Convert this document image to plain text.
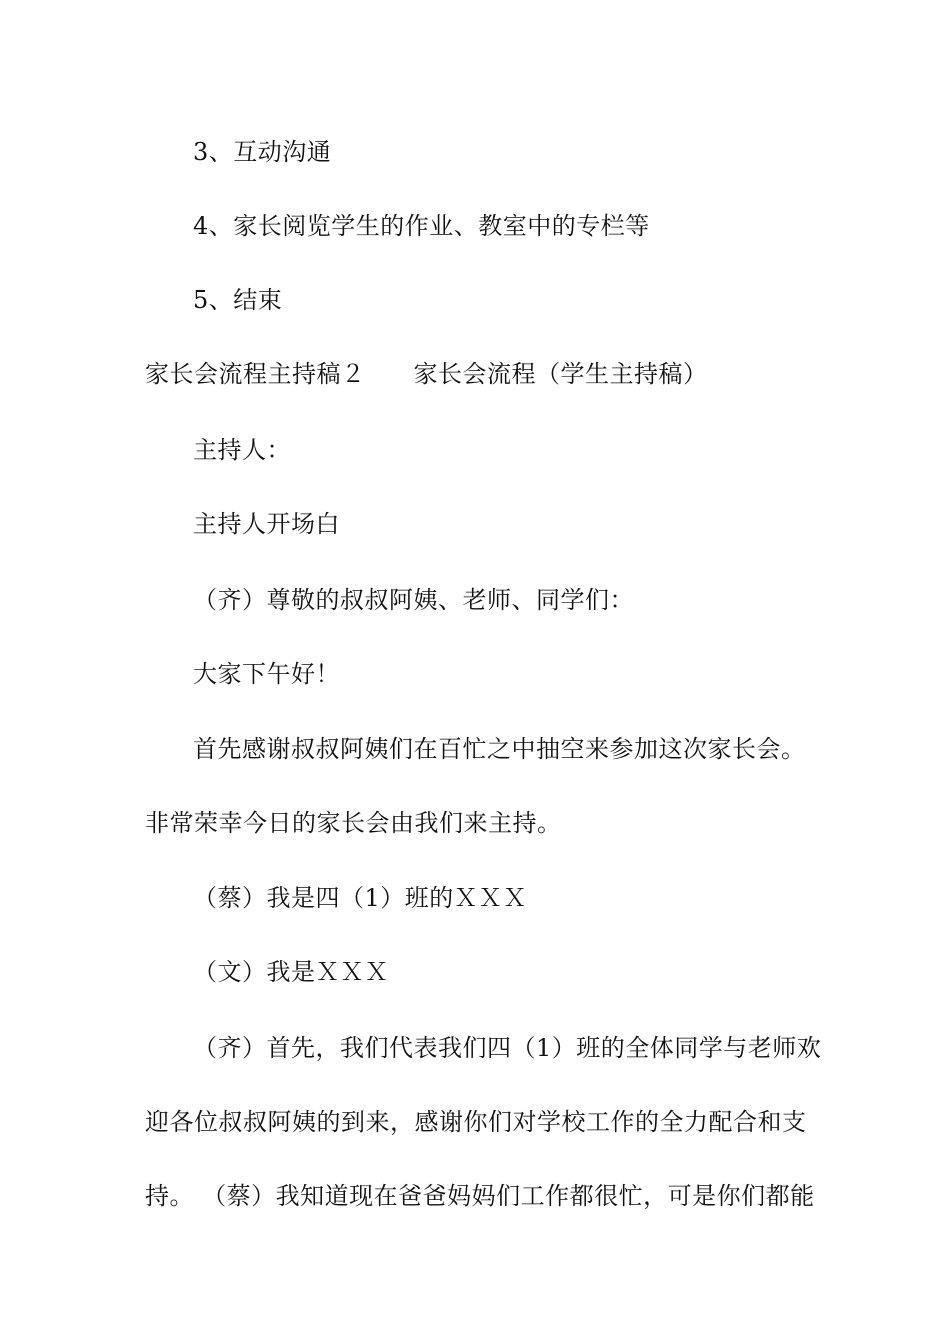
3、互动沟通
4、家长阅览学生的作业、教室中的专栏等
5、结束
家长会流程主持稿２ 家长会流程（学生主持稿）
主持人：
主持人开场白
（齐）尊敬的叔叔阿姨、老师、同学们：
大家下午好！
首先感谢叔叔阿姨们在百忙之中抽空来参加这次家长会。
非常荣幸今日的家长会由我们来主持。
（蔡）我是四（1）班的ＸＸＸ
（文）我是ＸＸＸ
（齐）首先，我们代表我们四（1）班的全体同学与老师欢
迎各位叔叔阿姨的到来，感谢你们对学校工作的全力配合和支
持。 （蔡）我知道现在爸爸妈妈们工作都很忙，可是你们都能
